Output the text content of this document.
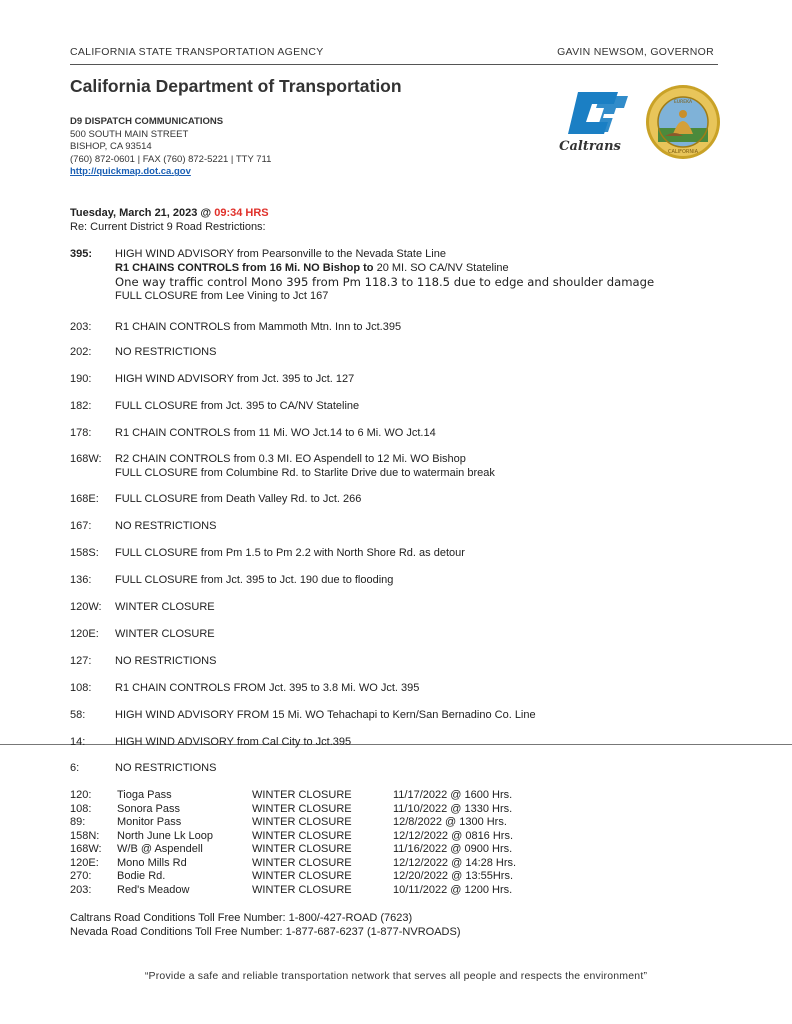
CALIFORNIA STATE TRANSPORTATION AGENCY	GAVIN NEWSOM, GOVERNOR
California Department of Transportation
D9 DISPATCH COMMUNICATIONS
500 SOUTH MAIN STREET
BISHOP, CA 93514
(760) 872-0601 | FAX (760) 872-5221 | TTY 711
http://quickmap.dot.ca.gov
Caltrans
EUREKA
CALIFORNIA
Tuesday, March 21, 2023 @ 09:34 HRS
Re: Current District 9 Road Restrictions:
395:	HIGH WIND ADVISORY from Pearsonville to the Nevada State Line
R1 CHAINS CONTROLS from 16 Mi. NO Bishop to 20 MI. SO CA/NV Stateline
One way traffic control Mono 395 from Pm 118.3 to 118.5 due to edge and shoulder damage
FULL CLOSURE from Lee Vining to Jct 167
203:	R1 CHAIN CONTROLS from Mammoth Mtn. Inn to Jct.395
202:	NO RESTRICTIONS
190:	HIGH WIND ADVISORY from Jct. 395 to Jct. 127
182:	FULL CLOSURE from Jct. 395 to CA/NV Stateline
178:	R1 CHAIN CONTROLS from 11 Mi. WO Jct.14 to 6 Mi. WO Jct.14
168W:	R2 CHAIN CONTROLS from 0.3 MI. EO Aspendell to 12 Mi. WO Bishop
FULL CLOSURE from Columbine Rd. to Starlite Drive due to watermain break
168E:	FULL CLOSURE from Death Valley Rd. to Jct. 266
167:	NO RESTRICTIONS
158S:	FULL CLOSURE from Pm 1.5 to Pm 2.2 with North Shore Rd. as detour
136:	FULL CLOSURE from Jct. 395 to Jct. 190 due to flooding
120W:	WINTER CLOSURE
120E:	WINTER CLOSURE
127:	NO RESTRICTIONS
108:	R1 CHAIN CONTROLS FROM Jct. 395 to 3.8 Mi. WO Jct. 395
58:	HIGH WIND ADVISORY FROM 15 Mi. WO Tehachapi to Kern/San Bernadino Co. Line
14:	HIGH WIND ADVISORY from Cal City to Jct.395
6:	NO RESTRICTIONS
120: Tioga Pass	WINTER CLOSURE	11/17/2022 @ 1600 Hrs.
108: Sonora Pass	WINTER CLOSURE	11/10/2022 @ 1330 Hrs.
89:	Monitor Pass	WINTER CLOSURE	12/8/2022 @ 1300 Hrs.
158N: North June Lk Loop	WINTER CLOSURE	12/12/2022 @ 0816 Hrs.
168W: W/B @ Aspendell	WINTER CLOSURE	11/16/2022 @ 0900 Hrs.
120E: Mono Mills Rd	WINTER CLOSURE	12/12/2022 @ 14:28 Hrs.
270: Bodie Rd.	WINTER CLOSURE	12/20/2022 @ 13:55Hrs.
203: Red's Meadow	WINTER CLOSURE	10/11/2022 @ 1200 Hrs.
Caltrans Road Conditions Toll Free Number: 1-800/-427-ROAD (7623)
Nevada Road Conditions Toll Free Number: 1-877-687-6237 (1-877-NVROADS)
“Provide a safe and reliable transportation network that serves all people and respects the environment”
